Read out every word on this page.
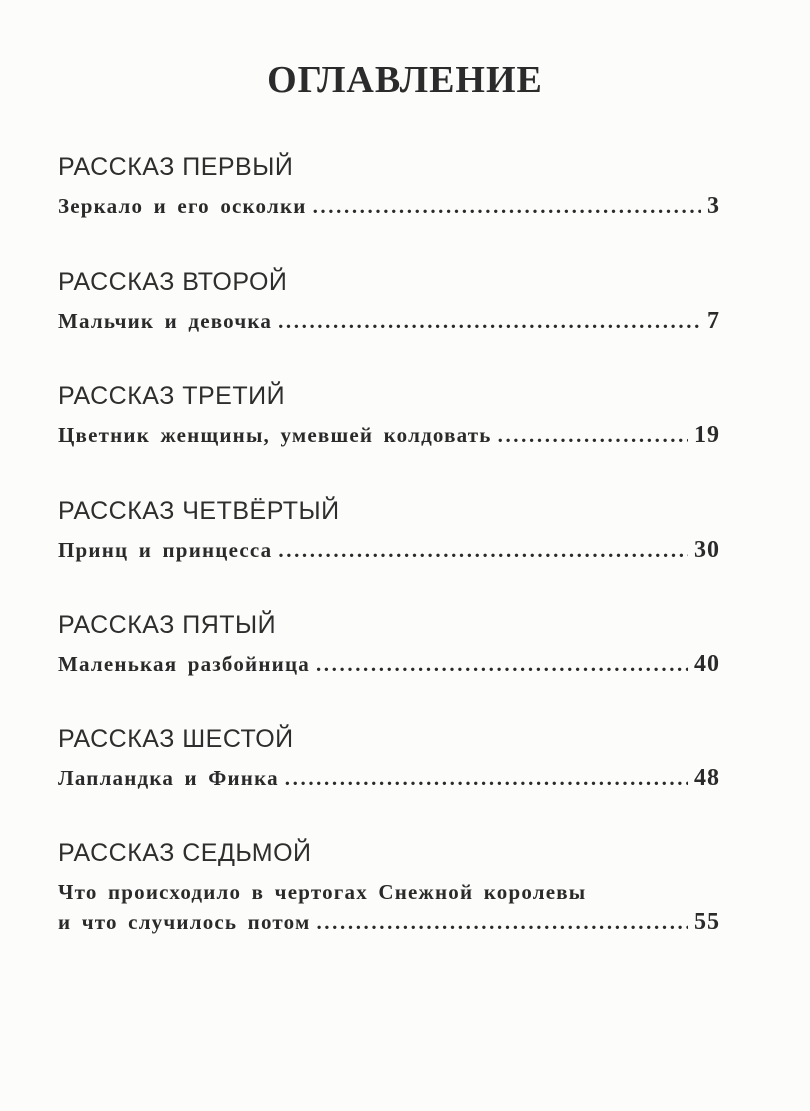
ОГЛАВЛЕНИЕ
РАССКАЗ ПЕРВЫЙ
Зеркало и его осколки .....	3
РАССКАЗ ВТОРОЙ
Мальчик и девочка .....	7
РАССКАЗ ТРЕТИЙ
Цветник женщины, умевшей колдовать .....	19
РАССКАЗ ЧЕТВЁРТЫЙ
Принц и принцесса .....	30
РАССКАЗ ПЯТЫЙ
Маленькая разбойница .....	40
РАССКАЗ ШЕСТОЙ
Лапландка и Финка .....	48
РАССКАЗ СЕДЬМОЙ
Что происходило в чертогах Снежной королевы
и что случилось потом .....	55
